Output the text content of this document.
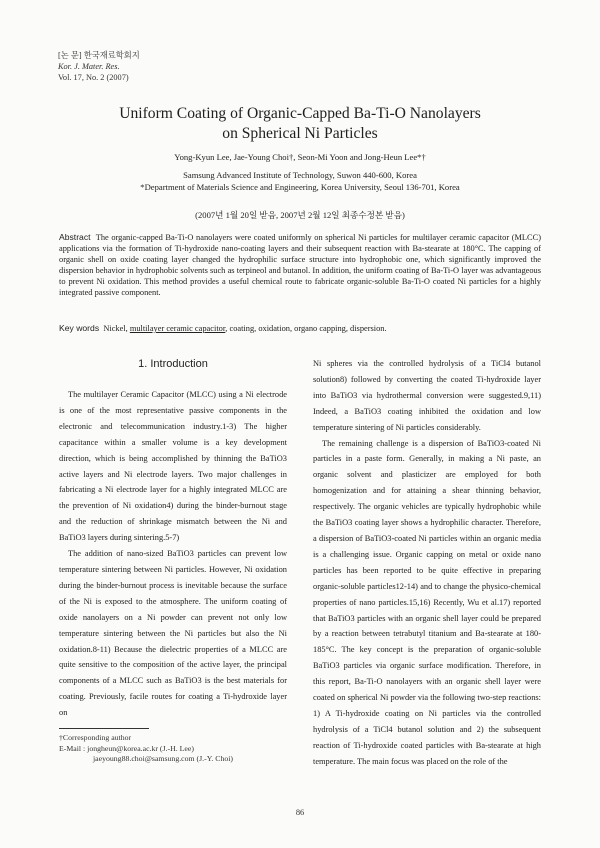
[논 문] 한국재료학회지
Kor. J. Mater. Res.
Vol. 17, No. 2 (2007)
Uniform Coating of Organic-Capped Ba-Ti-O Nanolayers
on Spherical Ni Particles
Yong-Kyun Lee, Jae-Young Choi†, Seon-Mi Yoon and Jong-Heun Lee*†
Samsung Advanced Institute of Technology, Suwon 440-600, Korea
*Department of Materials Science and Engineering, Korea University, Seoul 136-701, Korea
(2007년 1월 20일 받음, 2007년 2월 12일 최종수정본 받음)
Abstract The organic-capped Ba-Ti-O nanolayers were coated uniformly on spherical Ni particles for multilayer ceramic capacitor (MLCC) applications via the formation of Ti-hydroxide nano-coating layers and their subsequent reaction with Ba-stearate at 180°C. The capping of organic shell on oxide coating layer changed the hydrophilic surface structure into hydrophobic one, which significantly improved the dispersion behavior in hydrophobic solvents such as terpineol and butanol. In addition, the uniform coating of Ba-Ti-O layer was advantageous to prevent Ni oxidation. This method provides a useful chemical route to fabricate organic-soluble Ba-Ti-O coated Ni particles for a highly integrated passive component.
Key words Nickel, multilayer ceramic capacitor, coating, oxidation, organo capping, dispersion.
1. Introduction

The multilayer Ceramic Capacitor (MLCC) using a Ni electrode is one of the most representative passive components in the electronic and telecommunication industry.1-3) The higher capacitance within a smaller volume is a key development direction, which is being accomplished by thinning the BaTiO3 active layers and Ni electrode layers. Two major challenges in fabricating a Ni electrode layer for a highly integrated MLCC are the prevention of Ni oxidation4) during the binder-burnout stage and the reduction of shrinkage mismatch between the Ni and BaTiO3 layers during sintering.5-7)

The addition of nano-sized BaTiO3 particles can prevent low temperature sintering between Ni particles. However, Ni oxidation during the binder-burnout process is inevitable because the surface of the Ni is exposed to the atmosphere. The uniform coating of oxide nanolayers on a Ni powder can prevent not only low temperature sintering between the Ni particles but also the Ni oxidation.8-11) Because the dielectric properties of a MLCC are quite sensitive to the composition of the active layer, the principal components of a MLCC such as BaTiO3 is the best materials for coating. Previously, facile routes for coating a Ti-hydroxide layer on

Ni spheres via the controlled hydrolysis of a TiCl4 butanol solution8) followed by converting the coated Ti-hydroxide layer into BaTiO3 via hydrothermal conversion were suggested.9,11) Indeed, a BaTiO3 coating inhibited the oxidation and low temperature sintering of Ni particles considerably.

The remaining challenge is a dispersion of BaTiO3-coated Ni particles in a paste form. Generally, in making a Ni paste, an organic solvent and plasticizer are employed for both homogenization and for attaining a shear thinning behavior, respectively. The organic vehicles are typically hydrophobic while the BaTiO3 coating layer shows a hydrophilic character. Therefore, a dispersion of BaTiO3-coated Ni particles within an organic media is a challenging issue. Organic capping on metal or oxide nano particles has been reported to be quite effective in preparing organic-soluble particles12-14) and to change the physico-chemical properties of nano particles.15,16) Recently, Wu et al.17) reported that BaTiO3 particles with an organic shell layer could be prepared by a reaction between tetrabutyl titanium and Ba-stearate at 180-185°C. The key concept is the preparation of organic-soluble BaTiO3 particles via organic surface modification. Therefore, in this report, Ba-Ti-O nanolayers with an organic shell layer were coated on spherical Ni powder via the following two-step reactions: 1) A Ti-hydroxide coating on Ni particles via the controlled hydrolysis of a TiCl4 butanol solution and 2) the subsequent reaction of Ti-hydroxide coated particles with Ba-stearate at high temperature. The main focus was placed on the role of the

†Corresponding author
E-Mail : jongheun@korea.ac.kr (J.-H. Lee)
jaeyoung88.choi@samsung.com (J.-Y. Choi)
86
